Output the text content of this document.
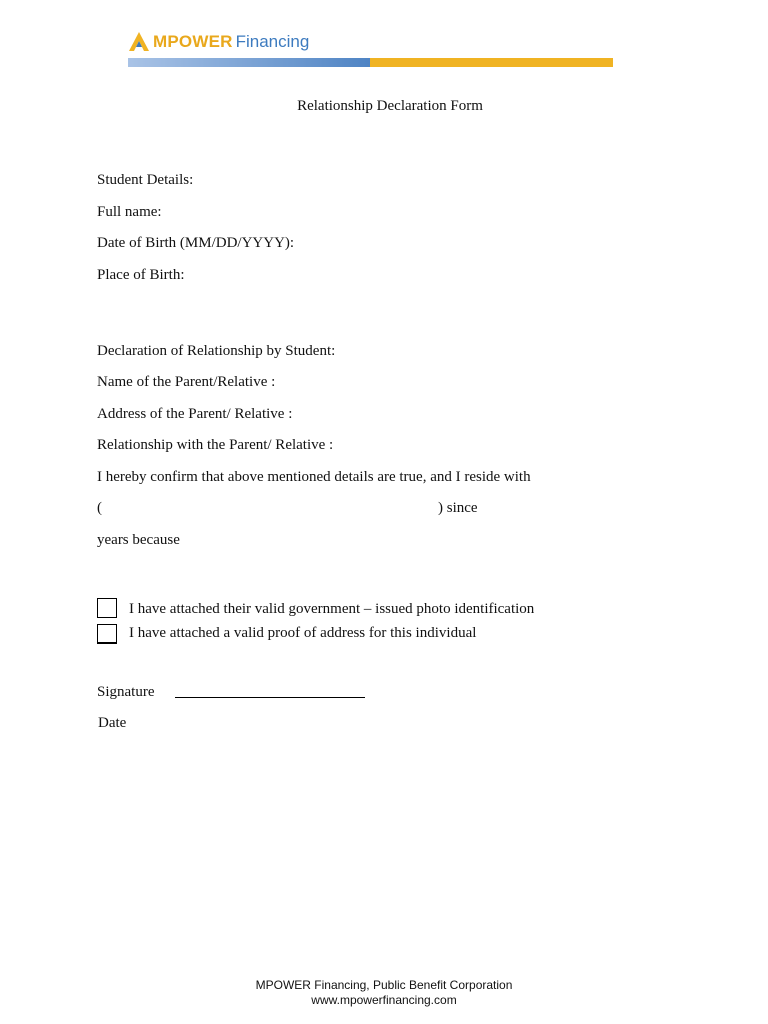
MPOWER Financing
Relationship Declaration Form
Student Details:
Full name:
Date of Birth (MM/DD/YYYY):
Place of Birth:
Declaration of Relationship by Student:
Name of the Parent/Relative :
Address of the Parent/ Relative :
Relationship with the Parent/ Relative :
I hereby confirm that above mentioned details are true, and I reside with
(	) since
years because
I have attached their valid government – issued photo identification
I have attached a valid proof of address for this individual
Signature
Date
MPOWER Financing, Public Benefit Corporation
www.mpowerfinancing.com
